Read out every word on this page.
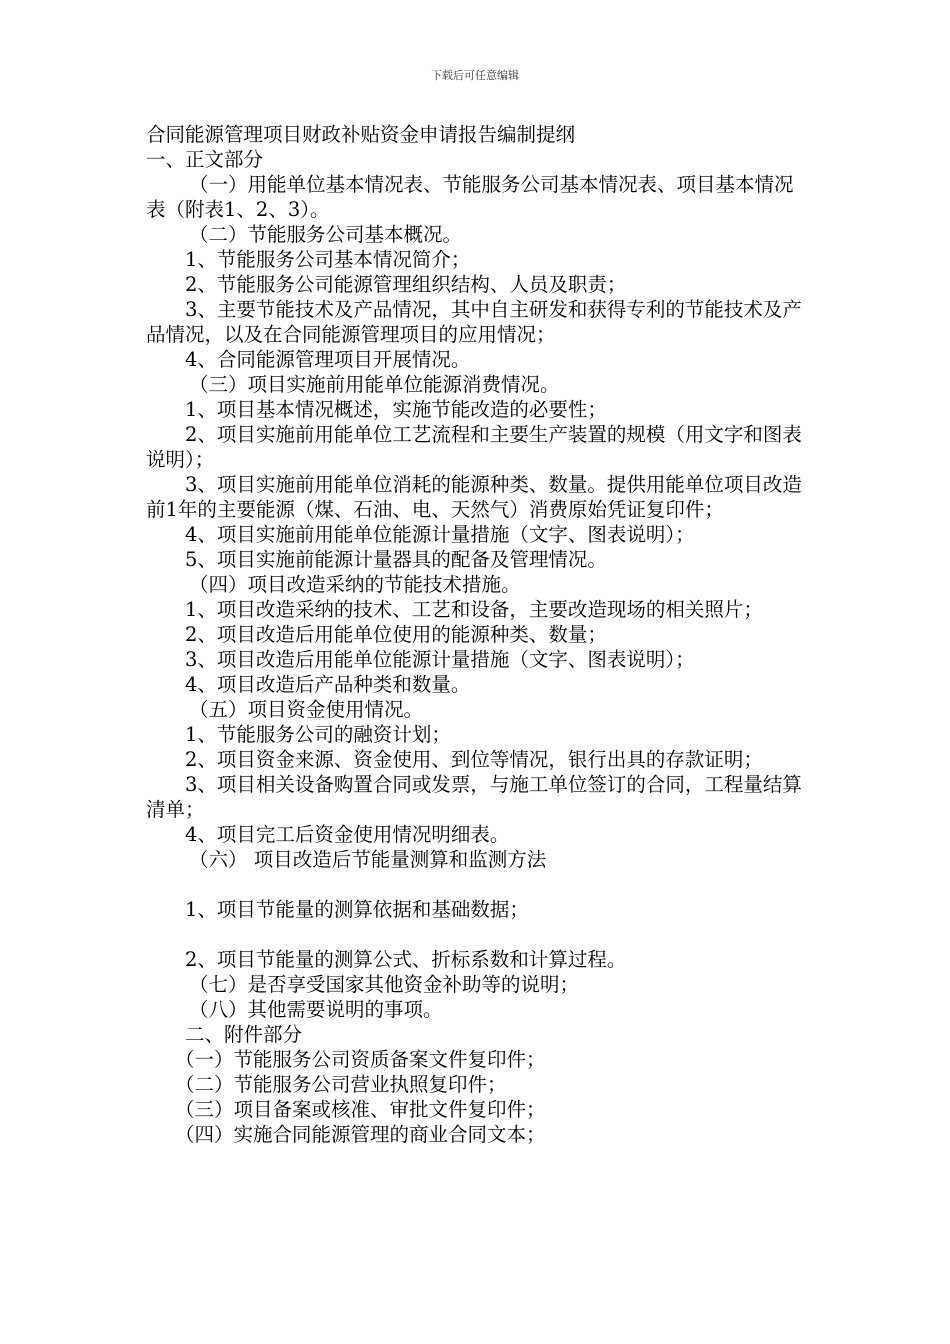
下载后可任意编辑

合同能源管理项目财政补贴资金申请报告编制提纲

一、正文部分

（一）用能单位基本情况表、节能服务公司基本情况表、项目基本情况表（附表1、2、3）。

（二）节能服务公司基本概况。

1、节能服务公司基本情况简介；

2、节能服务公司能源管理组织结构、人员及职责；

3、主要节能技术及产品情况，其中自主研发和获得专利的节能技术及产品情况，以及在合同能源管理项目的应用情况；

4、合同能源管理项目开展情况。

（三）项目实施前用能单位能源消费情况。

1、项目基本情况概述，实施节能改造的必要性；

2、项目实施前用能单位工艺流程和主要生产装置的规模（用文字和图表说明）；

3、项目实施前用能单位消耗的能源种类、数量。提供用能单位项目改造前1年的主要能源（煤、石油、电、天然气）消费原始凭证复印件；

4、项目实施前用能单位能源计量措施（文字、图表说明）；

5、项目实施前能源计量器具的配备及管理情况。

（四）项目改造采纳的节能技术措施。

1、项目改造采纳的技术、工艺和设备，主要改造现场的相关照片；

2、项目改造后用能单位使用的能源种类、数量；

3、项目改造后用能单位能源计量措施（文字、图表说明）；

4、项目改造后产品种类和数量。

（五）项目资金使用情况。

1、节能服务公司的融资计划；

2、项目资金来源、资金使用、到位等情况，银行出具的存款证明；

3、项目相关设备购置合同或发票，与施工单位签订的合同，工程量结算清单；

4、项目完工后资金使用情况明细表。

（六） 项目改造后节能量测算和监测方法

1、项目节能量的测算依据和基础数据；

2、项目节能量的测算公式、折标系数和计算过程。

（七）是否享受国家其他资金补助等的说明；

（八）其他需要说明的事项。

二、附件部分

（一）节能服务公司资质备案文件复印件；

（二）节能服务公司营业执照复印件；

（三）项目备案或核准、审批文件复印件；

（四）实施合同能源管理的商业合同文本；
